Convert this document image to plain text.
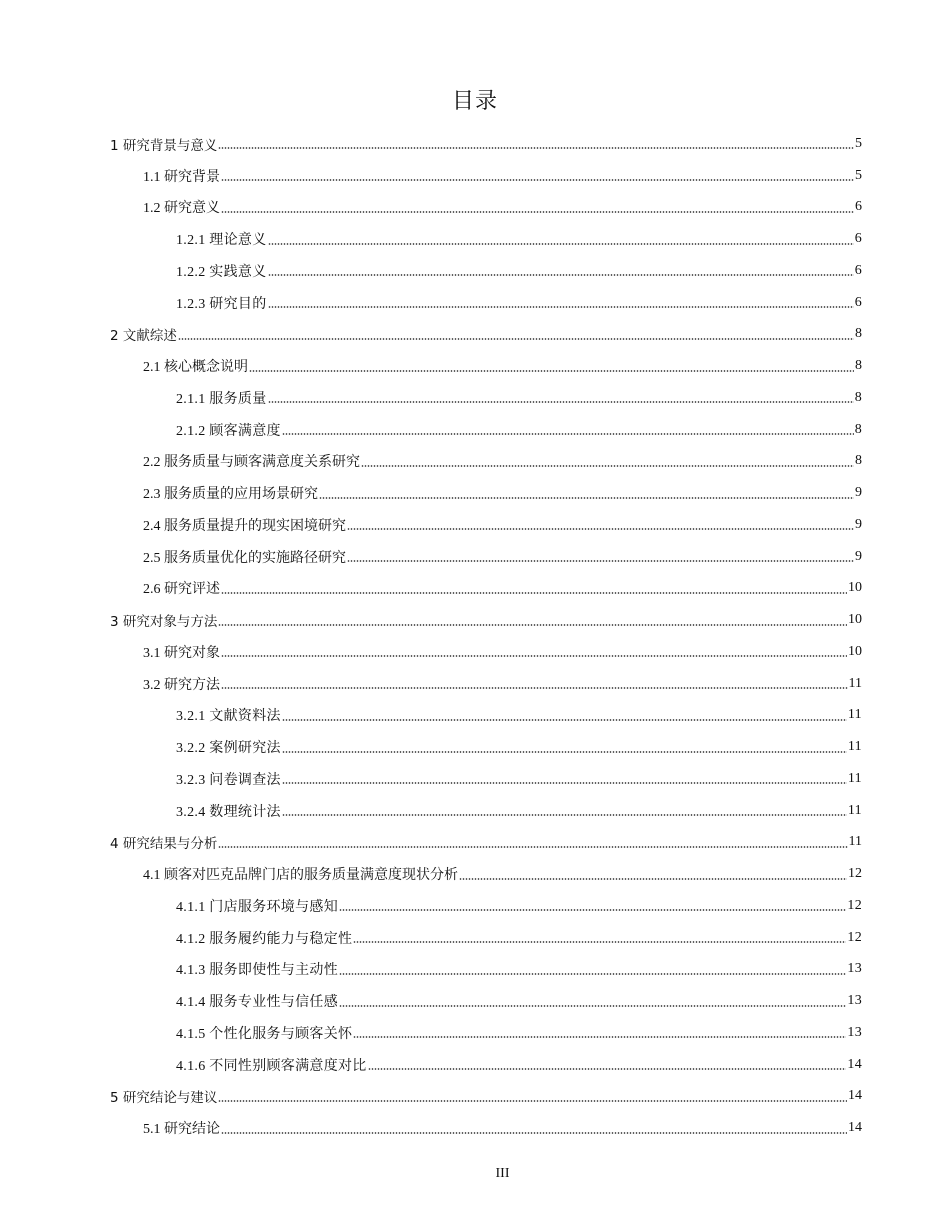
目录
1 研究背景与意义	5
1.1 研究背景	5
1.2 研究意义	6
1.2.1 理论意义	6
1.2.2 实践意义	6
1.2.3 研究目的	6
2 文献综述	8
2.1 核心概念说明	8
2.1.1 服务质量	8
2.1.2 顾客满意度	8
2.2 服务质量与顾客满意度关系研究	8
2.3 服务质量的应用场景研究	9
2.4 服务质量提升的现实困境研究	9
2.5 服务质量优化的实施路径研究	9
2.6 研究评述	10
3 研究对象与方法	10
3.1 研究对象	10
3.2 研究方法	11
3.2.1 文献资料法	11
3.2.2 案例研究法	11
3.2.3 问卷调查法	11
3.2.4 数理统计法	11
4 研究结果与分析	11
4.1 顾客对匹克品牌门店的服务质量满意度现状分析	12
4.1.1 门店服务环境与感知	12
4.1.2 服务履约能力与稳定性	12
4.1.3 服务即使性与主动性	13
4.1.4 服务专业性与信任感	13
4.1.5 个性化服务与顾客关怀	13
4.1.6 不同性别顾客满意度对比	14
5 研究结论与建议	14
5.1 研究结论	14
III
